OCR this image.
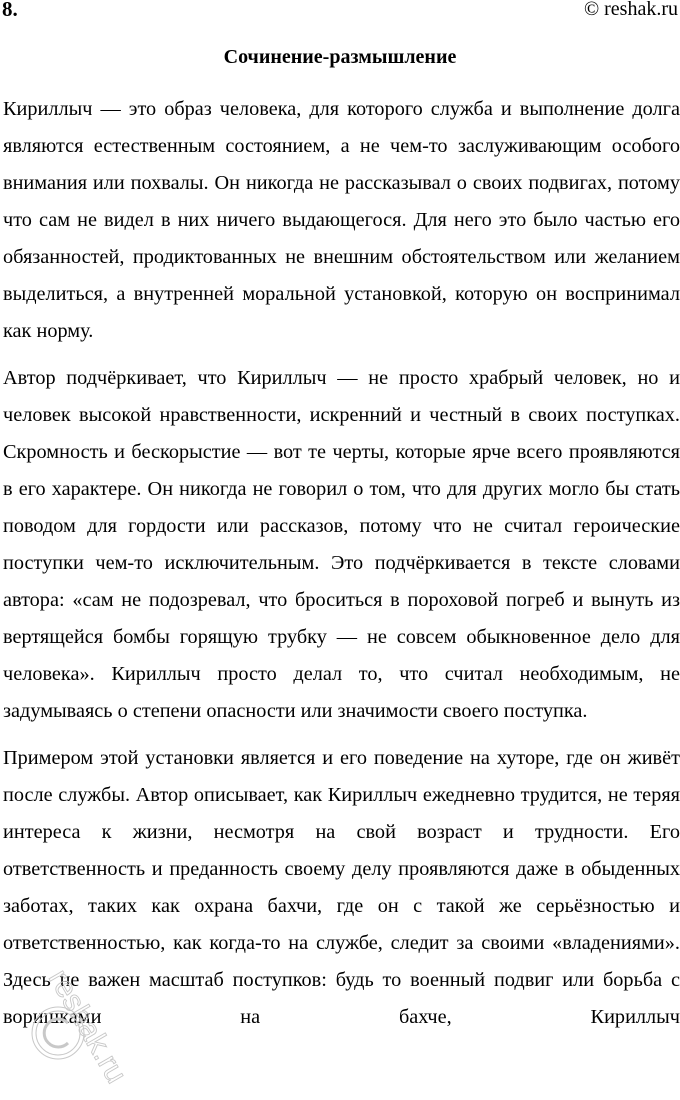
8.	© reshak.ru
Сочинение-размышление

Кириллыч — это образ человека, для которого служба и выполнение долга являются естественным состоянием, а не чем-то заслуживающим особого внимания или похвалы. Он никогда не рассказывал о своих подвигах, потому что сам не видел в них ничего выдающегося. Для него это было частью его обязанностей, продиктованных не внешним обстоятельством или желанием выделиться, а внутренней моральной установкой, которую он воспринимал как норму.

Автор подчёркивает, что Кириллыч — не просто храбрый человек, но и человек высокой нравственности, искренний и честный в своих поступках. Скромность и бескорыстие — вот те черты, которые ярче всего проявляются в его характере. Он никогда не говорил о том, что для других могло бы стать поводом для гордости или рассказов, потому что не считал героические поступки чем-то исключительным. Это подчёркивается в тексте словами автора: «сам не подозревал, что броситься в пороховой погреб и вынуть из вертящейся бомбы горящую трубку — не совсем обыкновенное дело для человека». Кириллыч просто делал то, что считал необходимым, не задумываясь о степени опасности или значимости своего поступка.

Примером этой установки является и его поведение на хуторе, где он живёт после службы. Автор описывает, как Кириллыч ежедневно трудится, не теряя интереса к жизни, несмотря на свой возраст и трудности. Его ответственность и преданность своему делу проявляются даже в обыденных заботах, таких как охрана бахчи, где он с такой же серьёзностью и ответственностью, как когда-то на службе, следит за своими «владениями». Здесь не важен масштаб поступков: будь то военный подвиг или борьба с воришками на бахче, Кириллыч

reshak.ru
